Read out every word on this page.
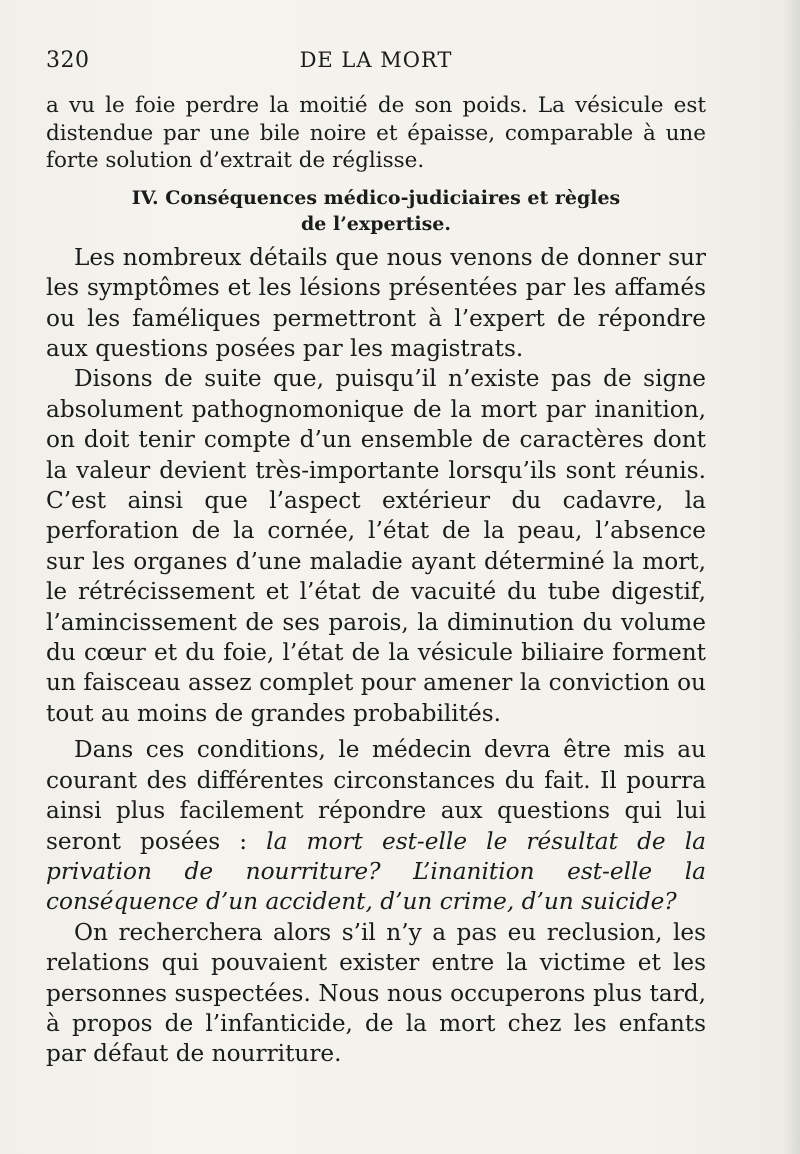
320	DE LA MORT

a vu le foie perdre la moitié de son poids. La vésicule est distendue par une bile noire et épaisse, comparable à une forte solution d’extrait de réglisse.

IV. Conséquences médico-judiciaires et règles
de l’expertise.

Les nombreux détails que nous venons de donner sur les symptômes et les lésions présentées par les affamés ou les faméliques permettront à l’expert de répondre aux questions posées par les magistrats.

Disons de suite que, puisqu’il n’existe pas de signe absolument pathognomonique de la mort par inanition, on doit tenir compte d’un ensemble de caractères dont la valeur devient très-importante lorsqu’ils sont réunis. C’est ainsi que l’aspect extérieur du cadavre, la perforation de la cornée, l’état de la peau, l’absence sur les organes d’une maladie ayant déterminé la mort, le rétrécissement et l’état de vacuité du tube digestif, l’amincissement de ses parois, la diminution du volume du cœur et du foie, l’état de la vésicule biliaire forment un faisceau assez complet pour amener la conviction ou tout au moins de grandes probabilités.

Dans ces conditions, le médecin devra être mis au courant des différentes circonstances du fait. Il pourra ainsi plus facilement répondre aux questions qui lui seront posées : la mort est-elle le résultat de la privation de nourriture? L’inanition est-elle la conséquence d’un accident, d’un crime, d’un suicide?

On recherchera alors s’il n’y a pas eu reclusion, les relations qui pouvaient exister entre la victime et les personnes suspectées. Nous nous occuperons plus tard, à propos de l’infanticide, de la mort chez les enfants par défaut de nourriture.
